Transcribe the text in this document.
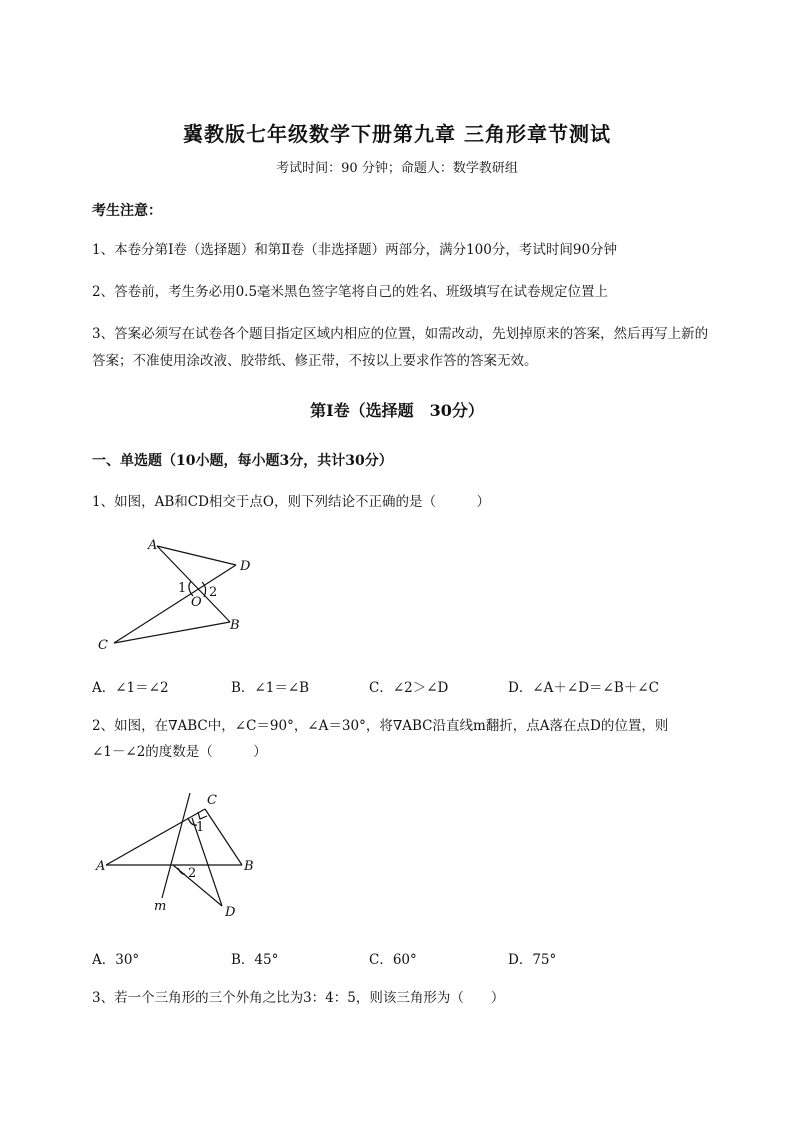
冀教版七年级数学下册第九章 三角形章节测试
考试时间：90 分钟；命题人：数学教研组
考生注意：
1、本卷分第Ⅰ卷（选择题）和第Ⅱ卷（非选择题）两部分，满分100分，考试时间90分钟
2、答卷前，考生务必用0.5毫米黑色签字笔将自己的姓名、班级填写在试卷规定位置上
3、答案必须写在试卷各个题目指定区域内相应的位置，如需改动，先划掉原来的答案，然后再写上新的答案；不准使用涂改液、胶带纸、修正带，不按以上要求作答的答案无效。
第Ⅰ卷（选择题　30分）
一、单选题（10小题，每小题3分，共计30分）
1、如图，AB和CD相交于点O，则下列结论不正确的是（　　　）
A
D
1 2
O
B
C
A．∠1＝∠2	B．∠1＝∠B	C．∠2＞∠D	D．∠A＋∠D＝∠B＋∠C
2、如图，在∇ABC中，∠C＝90°，∠A＝30°，将∇ABC沿直线m翻折，点A落在点D的位置，则
∠1－∠2的度数是（　　　）
C
1
A	B
2
m	D
A．30°	B．45°	C．60°	D．75°
3、若一个三角形的三个外角之比为3：4：5，则该三角形为（　　）
